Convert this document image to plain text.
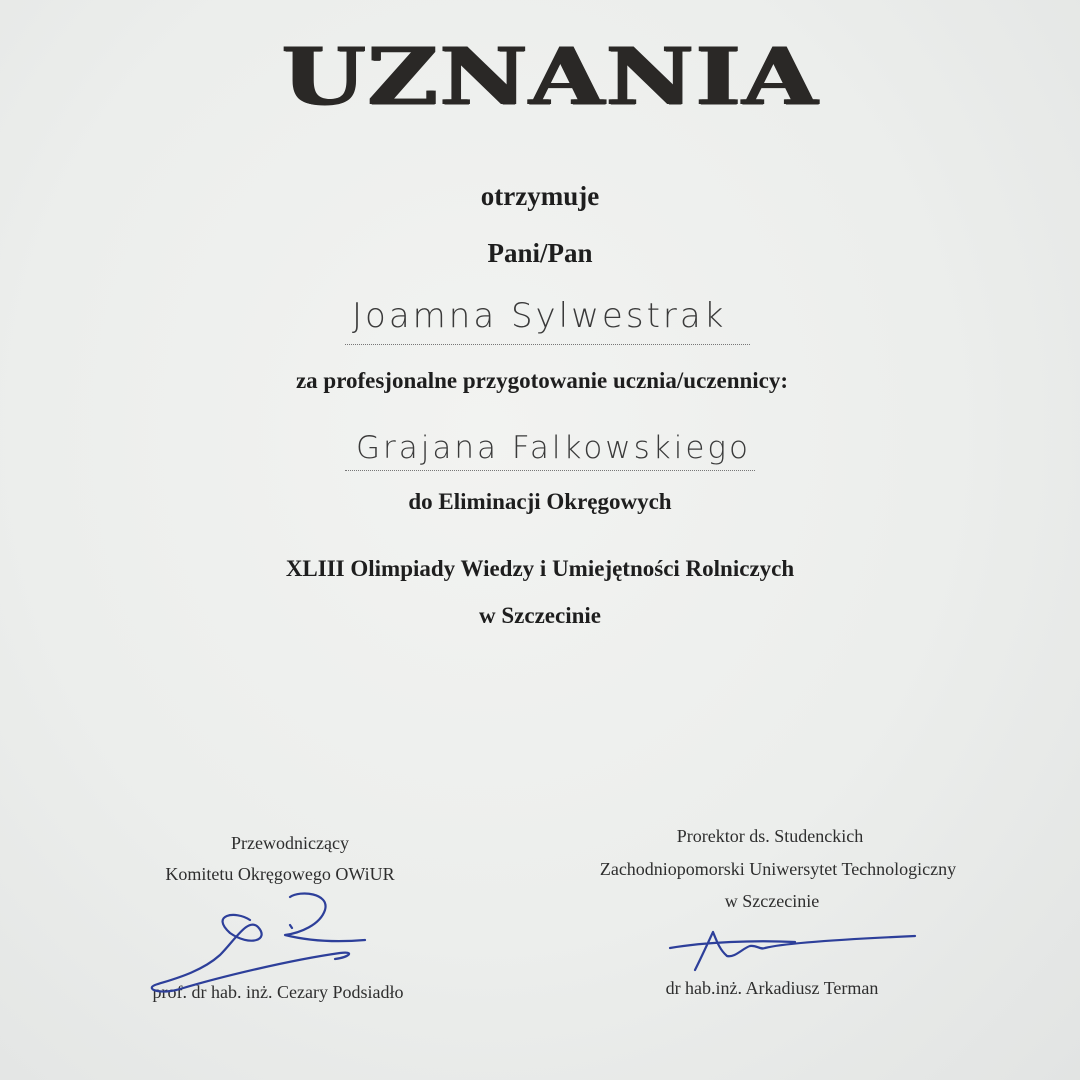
UZNANIA
otrzymuje
Pani/Pan
Joamna Sylwestrak
za profesjonalne przygotowanie ucznia/uczennicy:
Grajana Falkowskiego
do Eliminacji Okręgowych
XLIII Olimpiady Wiedzy i Umiejętności Rolniczych
w Szczecinie
Przewodniczący
Komitetu Okręgowego OWiUR
prof. dr hab. inż. Cezary Podsiadło
Prorektor ds. Studenckich
Zachodniopomorski Uniwersytet Technologiczny
w Szczecinie
dr hab.inż. Arkadiusz Terman
